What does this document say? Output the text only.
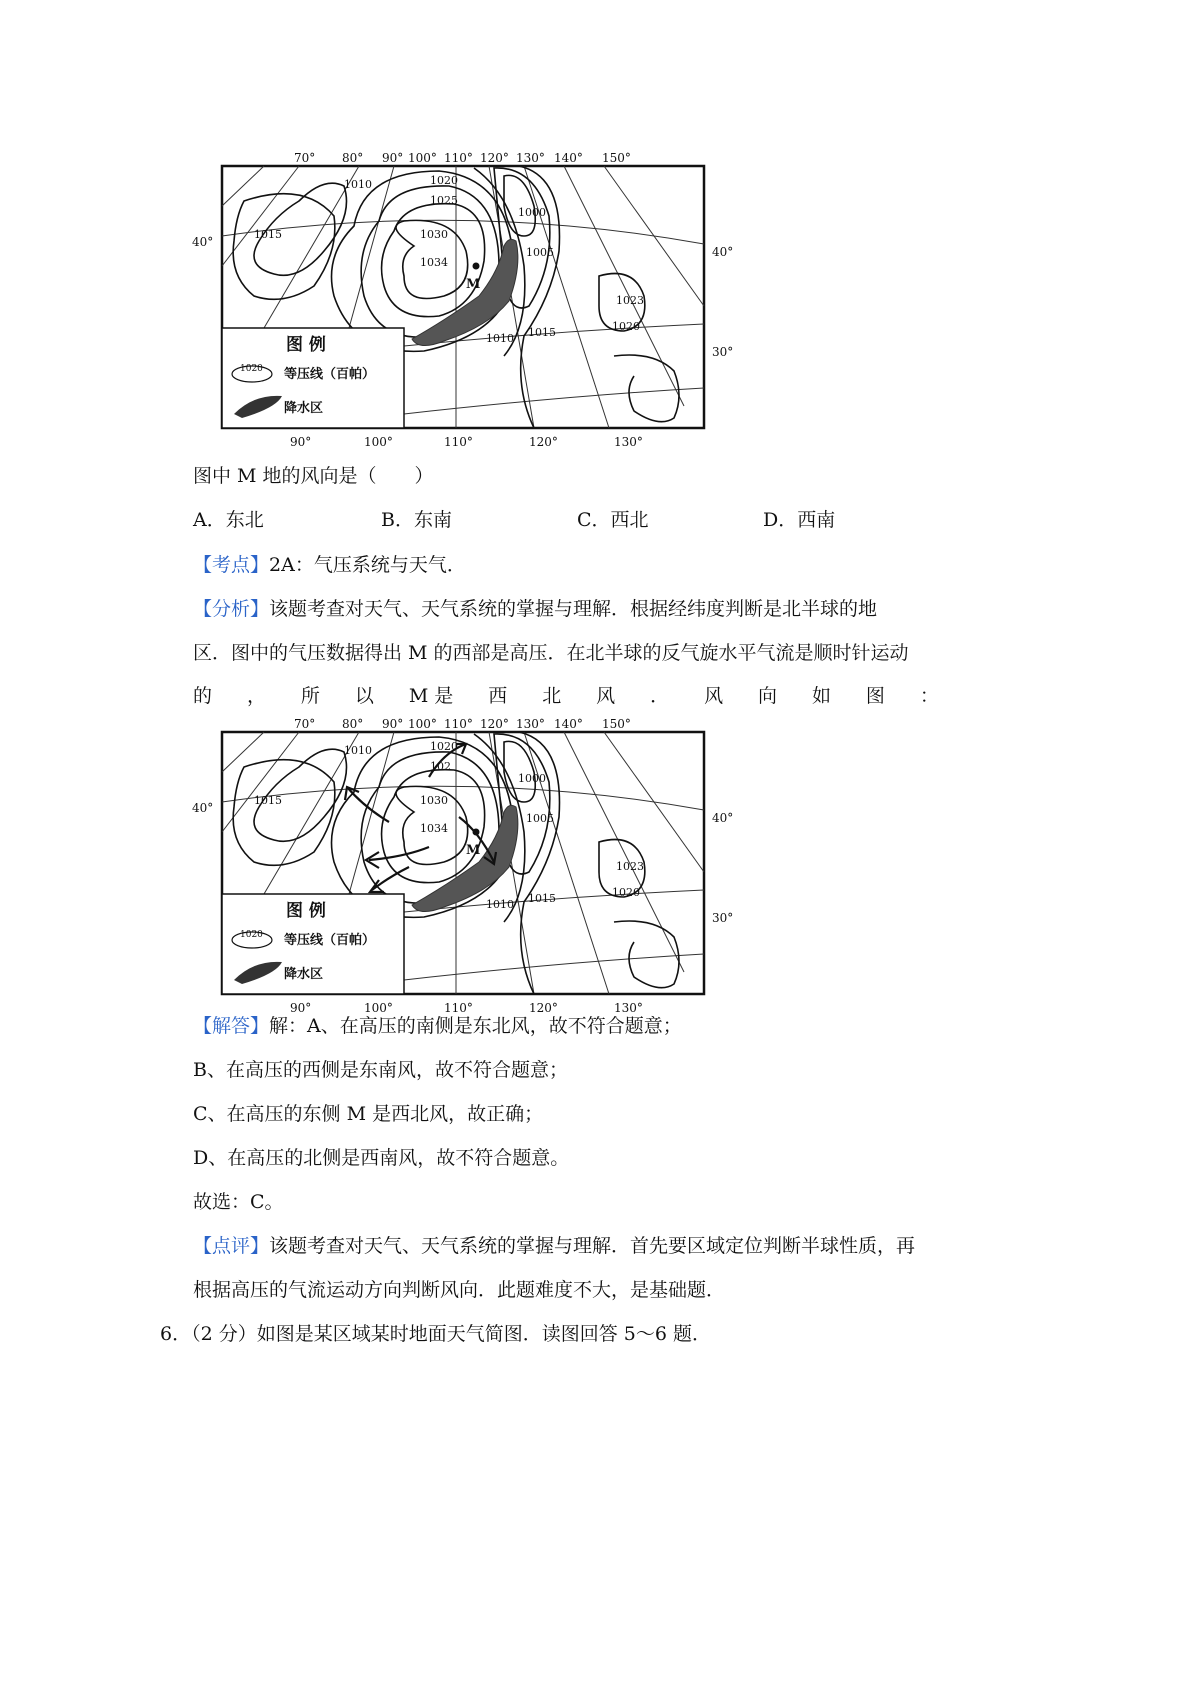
M
70° 80° 90° 100° 110° 120° 130° 140° 150°
90°	100°	110°	120°	130°
40°
40°
30°
1010
1015
1020
1025
1030
1034
1000
1005
1010 1015
1023
1020
图 例
1020 等压线（百帕）
降水区
图中 M 地的风向是（　　）
A．东北	B．东南	C．西北	D．西南
【考点】2A：气压系统与天气．
【分析】该题考查对天气、天气系统的掌握与理解．根据经纬度判断是北半球的地
区．图中的气压数据得出 M 的西部是高压．在北半球的反气旋水平气流是顺时针运动
的 ， 所 以 M 是 西 北 风 ． 风 向 如 图 ：
M
70° 80° 90° 100° 110° 120° 130° 140° 150°
90°	100°	110°	120°	130°
40°
40°
30°
1010
1015
1020
102
1030
1034
1000
1005
1010 1015
1023
1020
图 例
1020 等压线（百帕）
降水区
【解答】解：A、在高压的南侧是东北风，故不符合题意；
B、在高压的西侧是东南风，故不符合题意；
C、在高压的东侧 M 是西北风，故正确；
D、在高压的北侧是西南风，故不符合题意。
故选：C。
【点评】该题考查对天气、天气系统的掌握与理解．首先要区域定位判断半球性质，再
根据高压的气流运动方向判断风向．此题难度不大，是基础题．
6．（2 分）如图是某区域某时地面天气简图．读图回答 5～6 题．
